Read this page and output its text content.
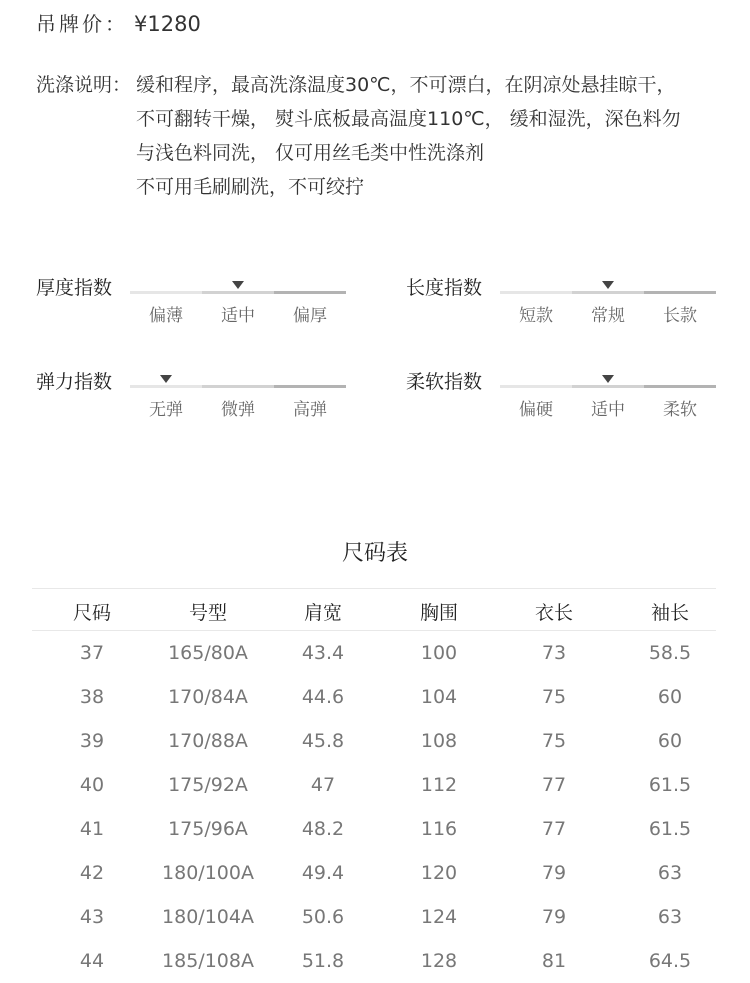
吊牌价： ¥1280
洗涤说明： 缓和程序，最高洗涤温度30℃，不可漂白，在阴凉处悬挂晾干，
不可翻转干燥， 熨斗底板最高温度110℃， 缓和湿洗，深色料勿
与浅色料同洗， 仅可用丝毛类中性洗涤剂
不可用毛刷刷洗，不可绞拧
厚度指数
偏薄	适中	偏厚
长度指数
短款	常规	长款
弹力指数
无弹	微弹	高弹
柔软指数
偏硬	适中	柔软
尺码表
尺码	号型	肩宽	胸围	衣长	袖长
37	165/80A	43.4	100	73	58.5
38	170/84A	44.6	104	75	60
39	170/88A	45.8	108	75	60
40	175/92A	47	112	77	61.5
41	175/96A	48.2	116	77	61.5
42	180/100A	49.4	120	79	63
43	180/104A	50.6	124	79	63
44	185/108A	51.8	128	81	64.5
